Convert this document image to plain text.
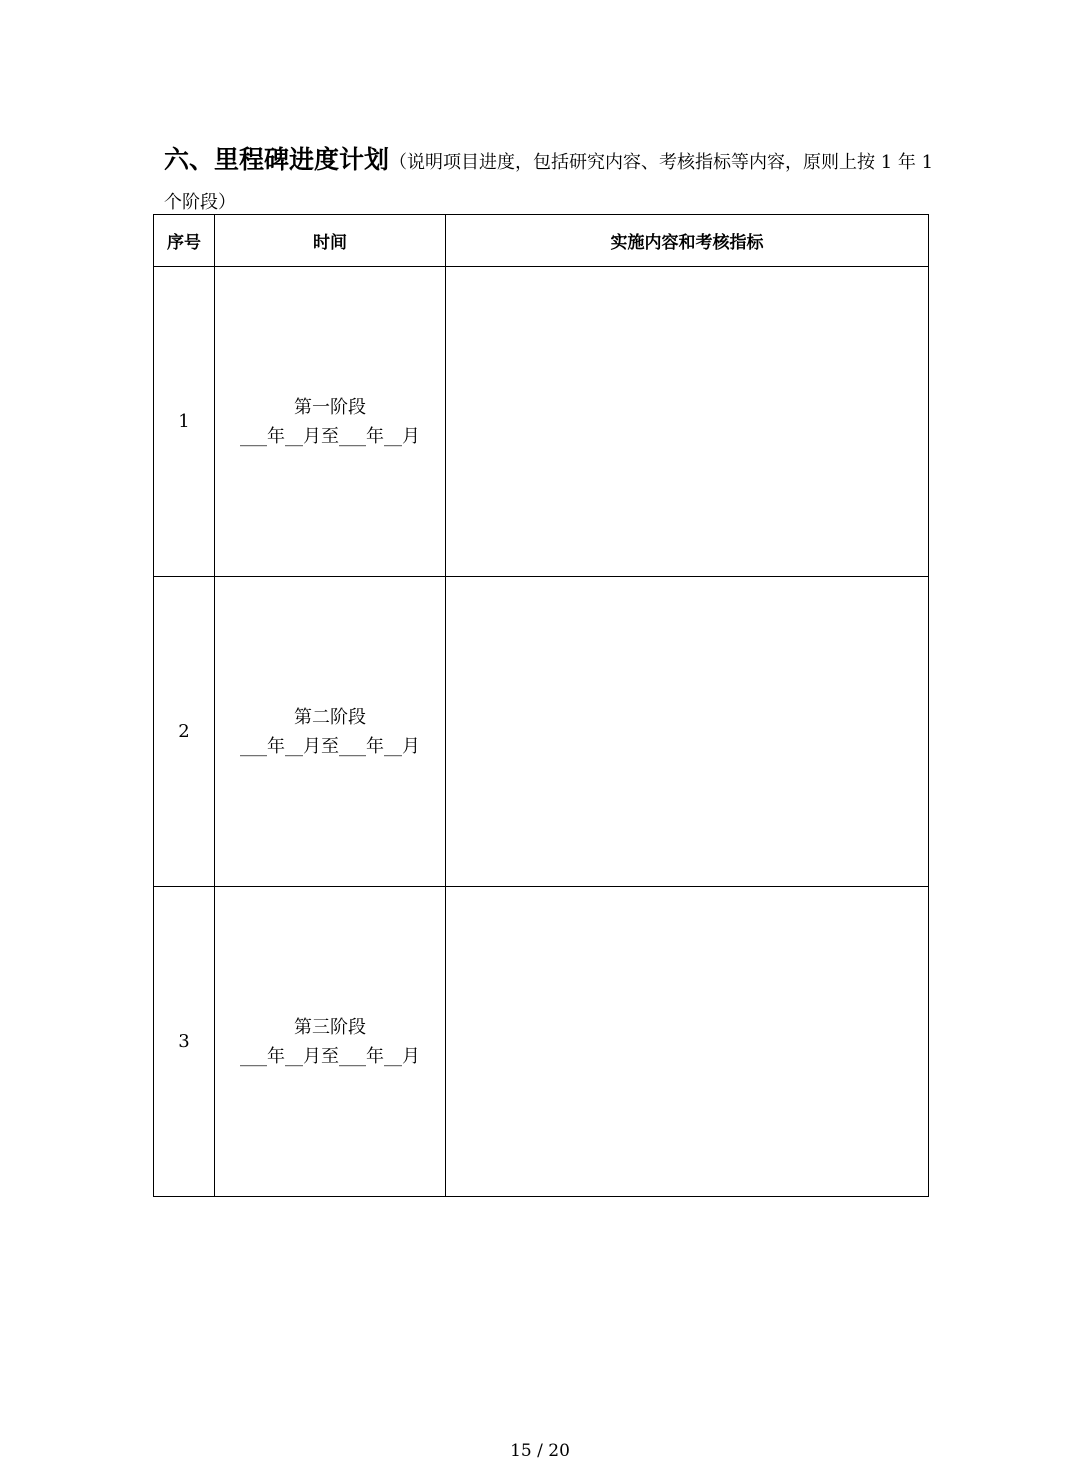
六、里程碑进度计划（说明项目进度，包括研究内容、考核指标等内容，原则上按 1 年 1 个阶段）
序号	时间	实施内容和考核指标
1	第一阶段
___年__月至___年__月	

2	第二阶段
___年__月至___年__月	

3	第三阶段
___年__月至___年__月	

15 / 20
